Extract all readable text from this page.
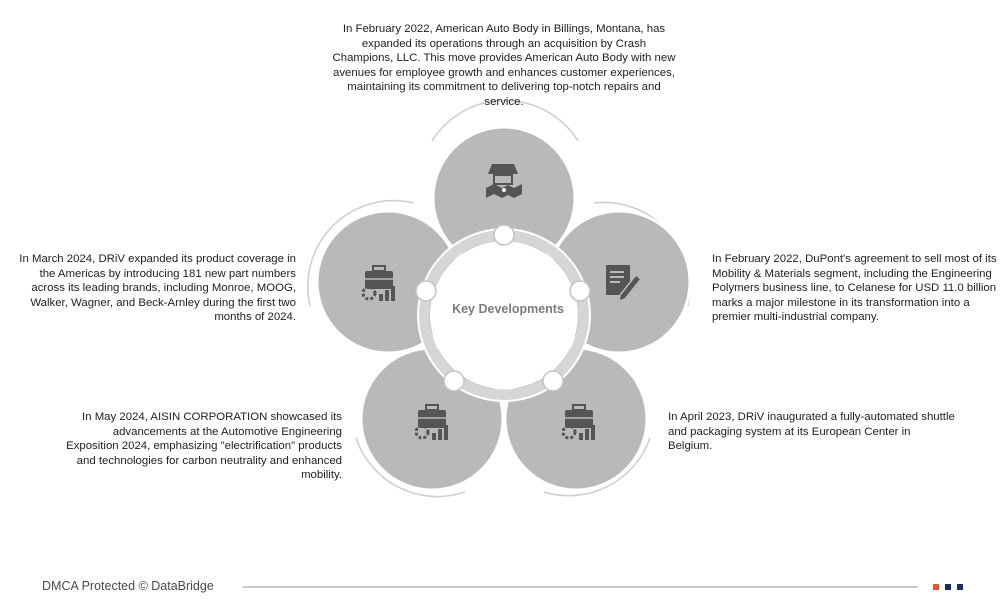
Key Developments
In February 2022, American Auto Body in Billings, Montana, has expanded its operations through an acquisition by Crash Champions, LLC. This move provides American Auto Body with new avenues for employee growth and enhances customer experiences, maintaining its commitment to delivering top-notch repairs and service.
In February 2022, DuPont's agreement to sell most of its Mobility & Materials segment, including the Engineering Polymers business line, to Celanese for USD 11.0 billion marks a major milestone in its transformation into a premier multi-industrial company.
In April 2023, DRiV inaugurated a fully-automated shuttle and packaging system at its European Center in Belgium.
In May 2024, AISIN CORPORATION showcased its advancements at the Automotive Engineering Exposition 2024, emphasizing "electrification" products and technologies for carbon neutrality and enhanced mobility.
In March 2024, DRiV expanded its product coverage in the Americas by introducing 181 new part numbers across its leading brands, including Monroe, MOOG, Walker, Wagner, and Beck-Arnley during the first two months of 2024.
DMCA Protected © DataBridge
